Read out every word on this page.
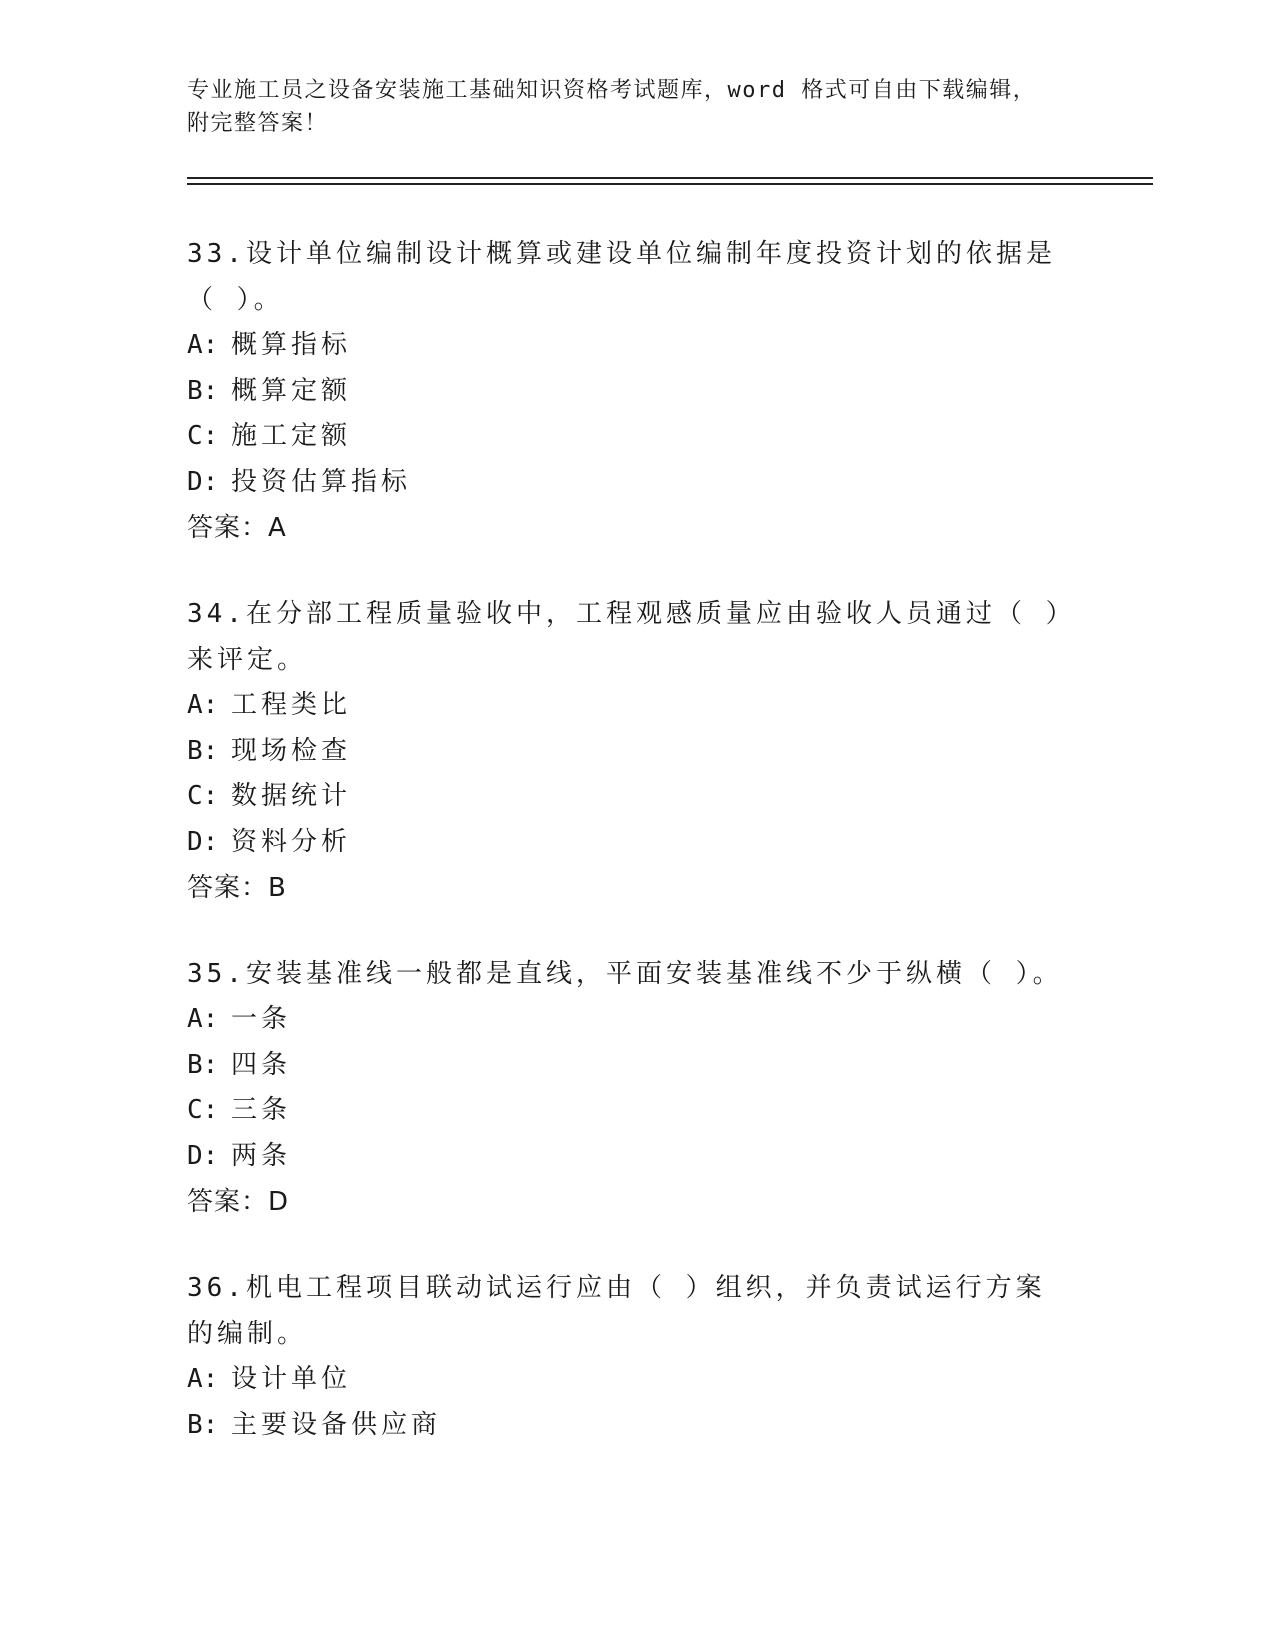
专业施工员之设备安装施工基础知识资格考试题库，word 格式可自由下载编辑，
附完整答案！

33.设计单位编制设计概算或建设单位编制年度投资计划的依据是（ ）。

A: 概算指标

B: 概算定额

C: 施工定额

D: 投资估算指标

答案：A

34.在分部工程质量验收中，工程观感质量应由验收人员通过（ ）来评定。

A: 工程类比

B: 现场检查

C: 数据统计

D: 资料分析

答案：B

35.安装基准线一般都是直线，平面安装基准线不少于纵横（ ）。

A: 一条

B: 四条

C: 三条

D: 两条

答案：D

36.机电工程项目联动试运行应由（ ）组织，并负责试运行方案的编制。

A: 设计单位

B: 主要设备供应商
